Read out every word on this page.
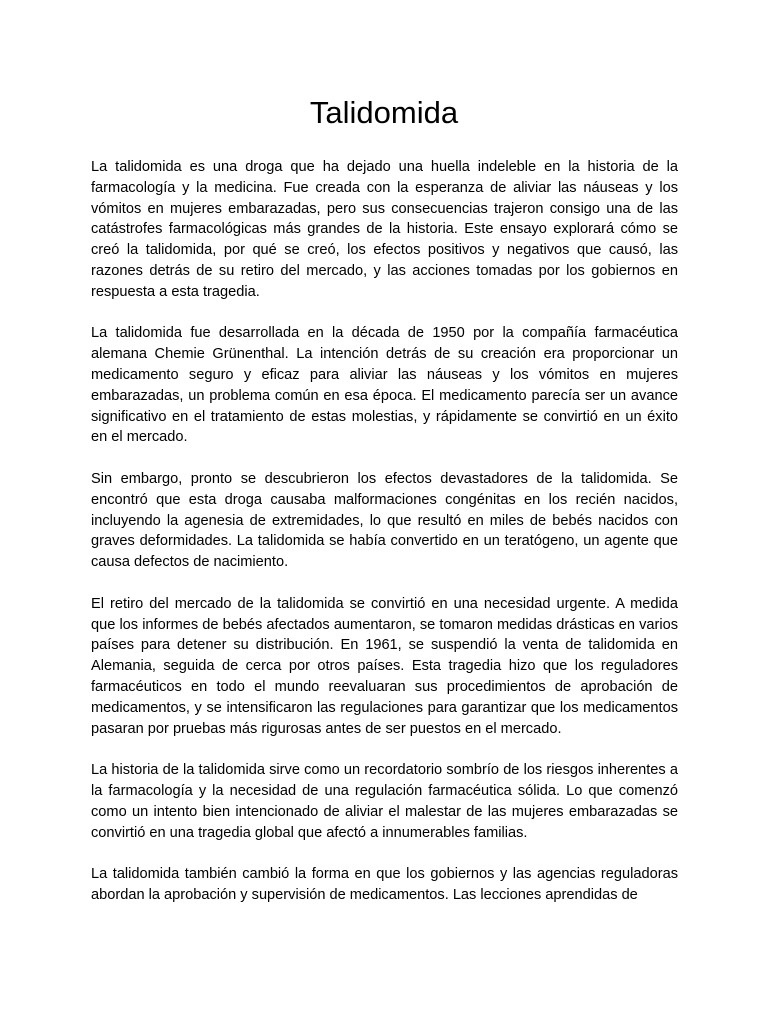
Talidomida

La talidomida es una droga que ha dejado una huella indeleble en la historia de la farmacología y la medicina. Fue creada con la esperanza de aliviar las náuseas y los vómitos en mujeres embarazadas, pero sus consecuencias trajeron consigo una de las catástrofes farmacológicas más grandes de la historia. Este ensayo explorará cómo se creó la talidomida, por qué se creó, los efectos positivos y negativos que causó, las razones detrás de su retiro del mercado, y las acciones tomadas por los gobiernos en respuesta a esta tragedia.

La talidomida fue desarrollada en la década de 1950 por la compañía farmacéutica alemana Chemie Grünenthal. La intención detrás de su creación era proporcionar un medicamento seguro y eficaz para aliviar las náuseas y los vómitos en mujeres embarazadas, un problema común en esa época. El medicamento parecía ser un avance significativo en el tratamiento de estas molestias, y rápidamente se convirtió en un éxito en el mercado.

Sin embargo, pronto se descubrieron los efectos devastadores de la talidomida. Se encontró que esta droga causaba malformaciones congénitas en los recién nacidos, incluyendo la agenesia de extremidades, lo que resultó en miles de bebés nacidos con graves deformidades. La talidomida se había convertido en un teratógeno, un agente que causa defectos de nacimiento.

El retiro del mercado de la talidomida se convirtió en una necesidad urgente. A medida que los informes de bebés afectados aumentaron, se tomaron medidas drásticas en varios países para detener su distribución. En 1961, se suspendió la venta de talidomida en Alemania, seguida de cerca por otros países. Esta tragedia hizo que los reguladores farmacéuticos en todo el mundo reevaluaran sus procedimientos de aprobación de medicamentos, y se intensificaron las regulaciones para garantizar que los medicamentos pasaran por pruebas más rigurosas antes de ser puestos en el mercado.

La historia de la talidomida sirve como un recordatorio sombrío de los riesgos inherentes a la farmacología y la necesidad de una regulación farmacéutica sólida. Lo que comenzó como un intento bien intencionado de aliviar el malestar de las mujeres embarazadas se convirtió en una tragedia global que afectó a innumerables familias.

La talidomida también cambió la forma en que los gobiernos y las agencias reguladoras abordan la aprobación y supervisión de medicamentos. Las lecciones aprendidas de
